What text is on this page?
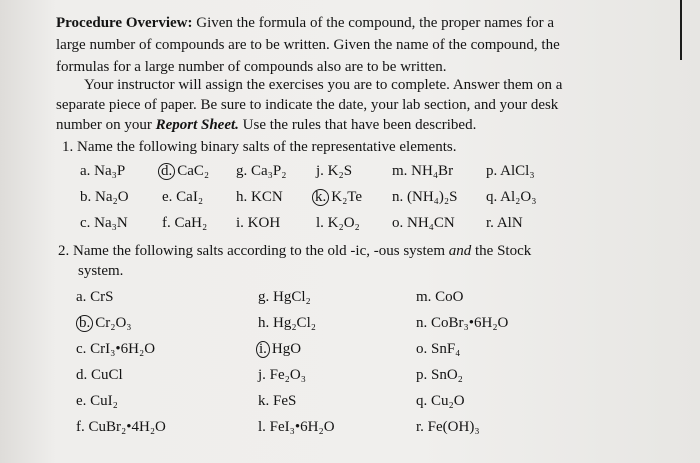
Procedure Overview: Given the formula of the compound, the proper names for a
large number of compounds are to be written. Given the name of the compound, the
formulas for a large number of compounds also are to be written.
Your instructor will assign the exercises you are to complete. Answer them on a
separate piece of paper. Be sure to indicate the date, your lab section, and your desk
number on your Report Sheet. Use the rules that have been described.
1. Name the following binary salts of the representative elements.
a. Na₃P d. CaC₂ g. Ca₃P₂ j. K₂S	m. NH₄Br p. AlCl₃
b. Na₂O e. CaI₂ h. KCN k. K₂Te n. (NH₄)₂S q. Al₂O₃
c. Na₃N f. CaH₂ i. KOH l. K₂O₂ o. NH₄CN r. AlN
2. Name the following salts according to the old -ic, -ous system and the Stock
system.
a. CrS
b. Cr₂O₃
c. CrI₃•6H₂O
d. CuCl
e. CuI₂
f. CuBr₂•4H₂O
g. HgCl₂
h. Hg₂Cl₂
i. HgO
j. Fe₂O₃
k. FeS
l. FeI₃•6H₂O
m. CoO
n. CoBr₃•6H₂O
o. SnF₄
p. SnO₂
q. Cu₂O
r. Fe(OH)₃
